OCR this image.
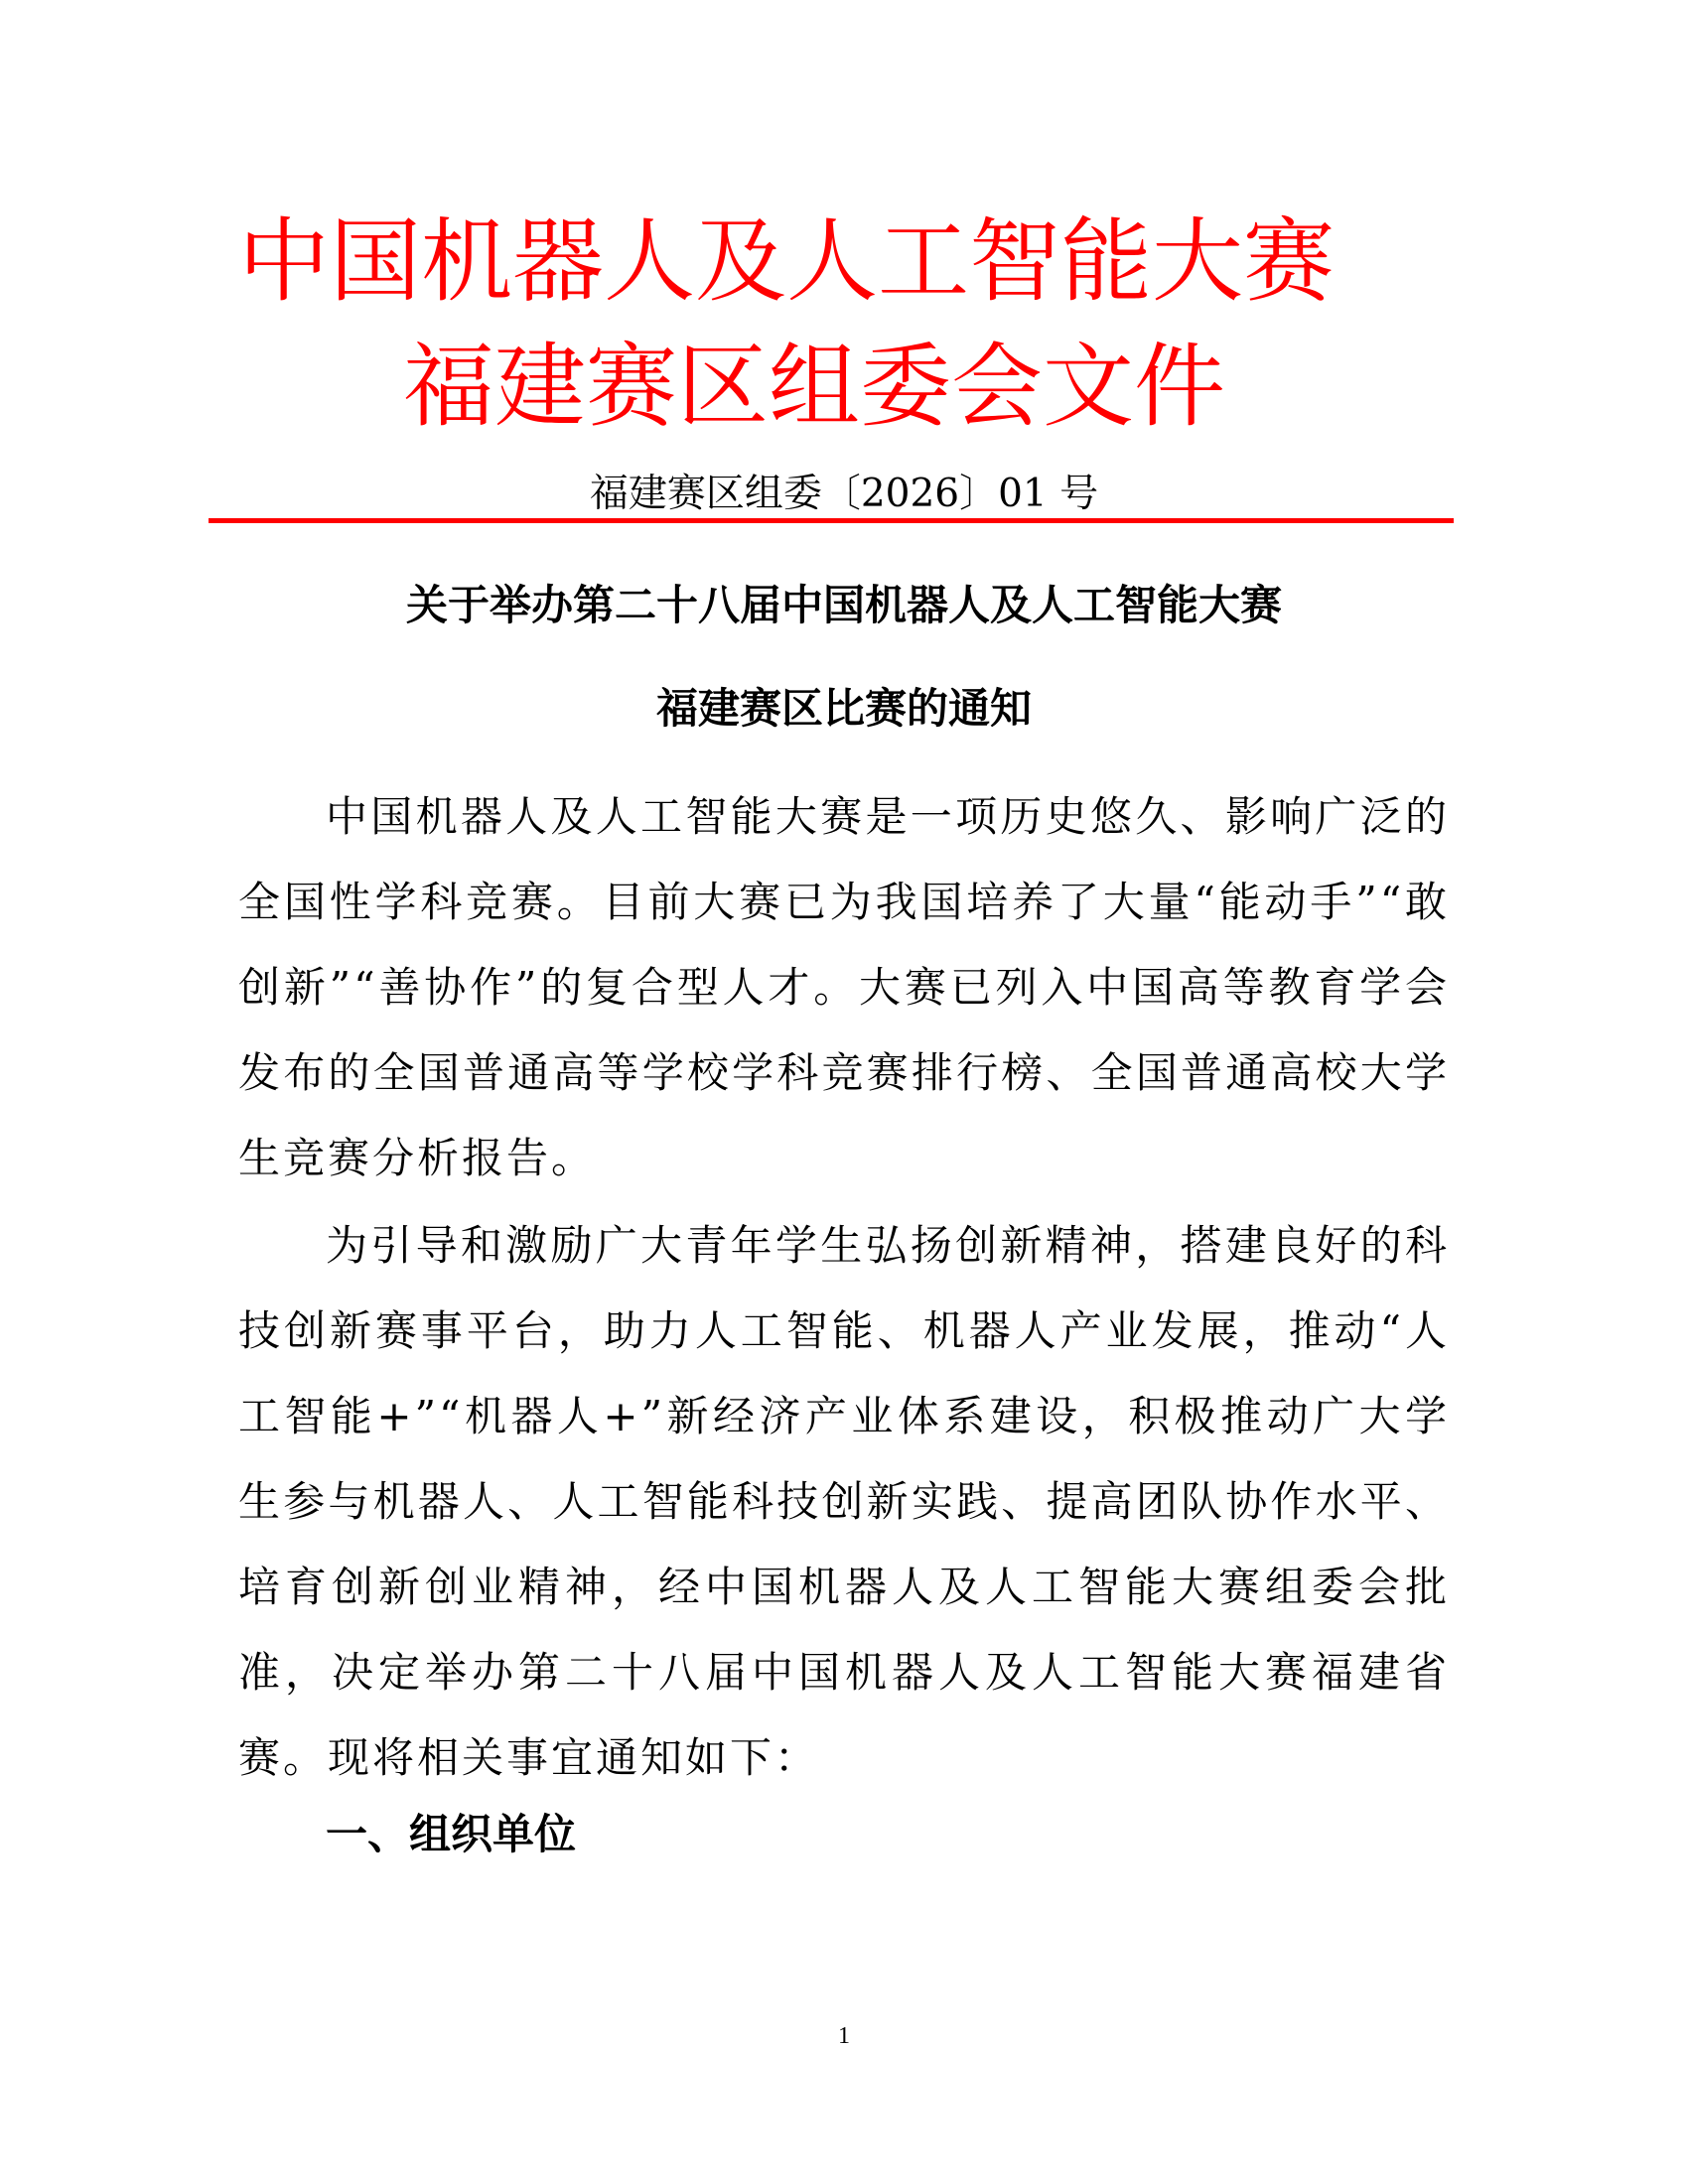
中国机器人及人工智能大赛
福建赛区组委会文件
福建赛区组委〔2026〕01 号
关于举办第二十八届中国机器人及人工智能大赛
福建赛区比赛的通知

中国机器人及人工智能大赛是一项历史悠久、影响广泛的全国性学科竞赛。目前大赛已为我国培养了大量“能动手”“敢创新”“善协作”的复合型人才。大赛已列入中国高等教育学会发布的全国普通高等学校学科竞赛排行榜、全国普通高校大学生竞赛分析报告。

为引导和激励广大青年学生弘扬创新精神，搭建良好的科技创新赛事平台，助力人工智能、机器人产业发展，推动“人工智能+”“机器人+”新经济产业体系建设，积极推动广大学生参与机器人、人工智能科技创新实践、提高团队协作水平、培育创新创业精神，经中国机器人及人工智能大赛组委会批准，决定举办第二十八届中国机器人及人工智能大赛福建省赛。现将相关事宜通知如下：

一、组织单位
1
